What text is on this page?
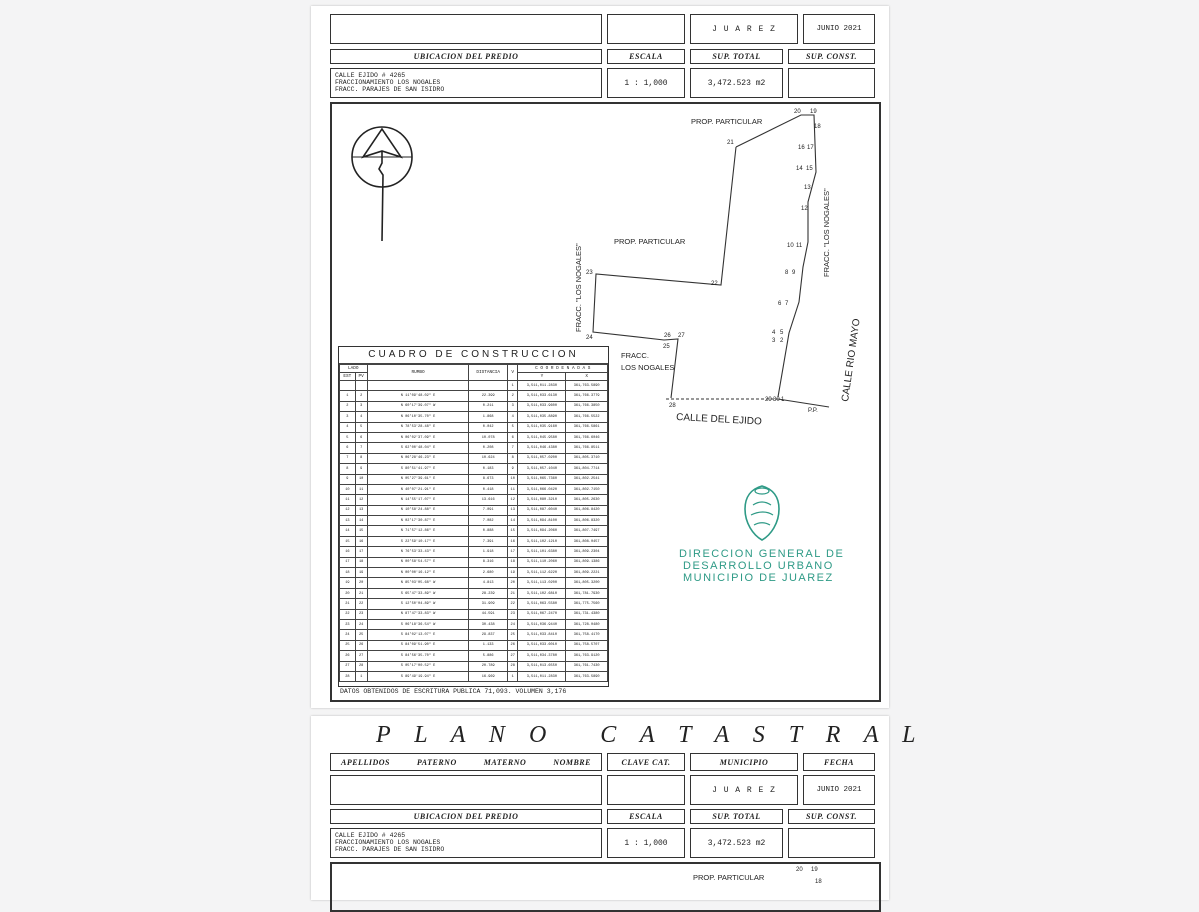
J U A R E Z	JUNIO 2021
UBICACION DEL PREDIO	ESCALA	SUP. TOTAL	SUP. CONST.
CALLE EJIDO # 4265
FRACCIONAMIENTO LOS NOGALES
FRACC. PARAJES DE SAN ISIDRO
1 : 1,000	3,472.523 m2
PROP. PARTICULAR
PROP. PARTICULAR
FRACC.
LOS NOGALES
FRACC. "LOS NOGALES"
FRACC. "LOS NOGALES"
CALLE DEL EJIDO
CALLE RIO MAYO
P.P.
20 19
18
21
16 17
14 15
13
12
10 11
8 9
6 7
4 5
3 2
23
22
24	26 27
25
28
29 30 1
CUADRO DE CONSTRUCCION
LADO		RUMBO	DISTANCIA	V	C O O R D E N A D A S	
EST	PV				Y	X
				1	3,511,011.2830	361,763.5890
1	2	N 11°09'48.02" E	22.399	2	3,511,033.6130	361,766.3779
2	3	N 60°17'39.07" W	0.211	3	3,511,033.9600	361,766.3850
3	4	N 06°10'35.70" E	1.868	4	3,511,035.8890	361,766.5522
4	5	N 78°53'28.48" E	0.042	5	3,511,035.9160	361,766.5861
5	6	N 06°02'37.09" E	10.078	6	3,511,045.9580	361,766.6046
6	7	S 62°00'48.04" E	0.208	7	3,511,046.4380	361,766.8511
7	8	N 06°28'46.23" E	10.624	8	3,511,057.0200	361,805.3710
8	9	S 80°51'41.97" E	0.183	9	3,511,057.1040	361,804.7714
9	10	N 05°27'39.61" E	8.673	10	3,511,065.7360	361,802.2541
10	11	N 40°07'21.91" E	0.418	11	3,511,066.0420	361,802.7150
11	12	N 14°55'17.07" E	13.616	12	3,511,080.3210	361,805.2630
12	13	N 10°58'24.88" E	7.091	13	3,511,087.6040	361,806.8420
13	14	N 02°17'30.87" E	7.082	14	3,511,094.8100	361,806.8320
14	15	N 71°57'12.86" E	0.888	15	3,511,094.2060	361,807.7497
15	16	S 22°59'10.17" E	7.391	16	3,511,102.1210	361,808.0457
16	17	N 76°53'33.43" E	1.918	17	3,511,101.6380	361,809.2304
17	18	N 00°58'54.57" E	8.316	18	3,511,110.2060	361,809.1386
18	19	N 00°00'16.12" E	2.680	19	3,511,112.6220	361,809.2221
19	20	N 85°03'05.68" W	4.813	20	3,511,113.0200	361,805.3200
20	21	S 65°47'33.89" W	28.239	21	3,511,102.6810	361,781.7930
21	22	S 12°50'04.89" W	31.909	22	3,511,063.5580	361,775.7560
22	23	N 87°47'33.83" W	44.591	23	3,511,067.2470	361,731.4380
23	24	S 06°18'36.54" W	30.438	24	3,511,036.9440	361,728.0480
24	25	S 84°02'13.07" E	29.837	25	3,511,033.8410	361,758.4170
25	26	S 84°09'51.90" E	1.133	26	3,511,033.6010	361,758.5707
26	27	S 84°56'35.70" E	5.886	27	3,511,034.3780	361,763.9120
27	28	S 05°17'00.52" E	20.789	28	3,511,013.6550	361,761.7430
28	1	S 89°49'19.94" E	16.969	1	3,511,011.2830	361,763.5890
DATOS OBTENIDOS DE ESCRITURA PUBLICA 71,093. VOLUMEN 3,176
DIRECCION GENERAL DE
DESARROLLO URBANO
MUNICIPIO DE JUAREZ
P L A N O   C A T A S T R A L
APELLIDOS	PATERNO	MATERNO	NOMBRE	CLAVE CAT.	MUNICIPIO	FECHA
J U A R E Z	JUNIO 2021
UBICACION DEL PREDIO	ESCALA	SUP. TOTAL	SUP. CONST.
CALLE EJIDO # 4265
FRACCIONAMIENTO LOS NOGALES
FRACC. PARAJES DE SAN ISIDRO
1 : 1,000	3,472.523 m2
PROP. PARTICULAR
20 19
18
